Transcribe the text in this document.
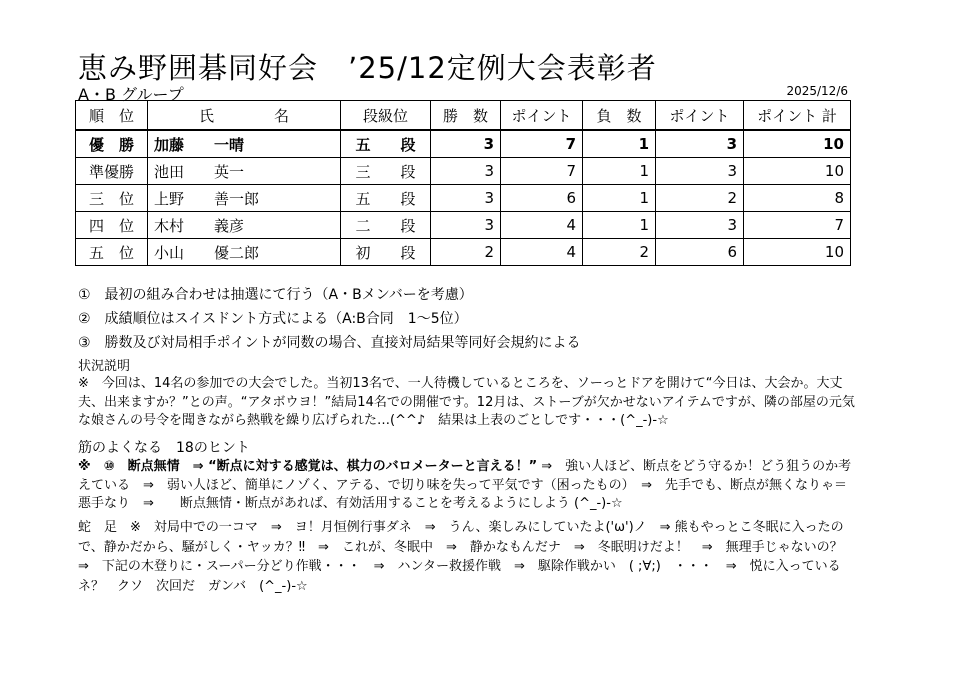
恵み野囲碁同好会　’25/12定例大会表彰者
A・B グループ	2025/12/6
順　位	氏　　　　名	段級位	勝　数	ポイント	負　数	ポイント	ポイント 計
優　勝	加藤　　一晴	五　　段	3	7	1	3	10
準優勝	池田　　英一	三　　段	3	7	1	3	10
三　位	上野　　善一郎	五　　段	3	6	1	2	8
四　位	木村　　義彦	二　　段	3	4	1	3	7
五　位	小山　　優二郎	初　　段	2	4	2	6	10
①　最初の組み合わせは抽選にて行う（A・Bメンバーを考慮）
②　成績順位はスイスドント方式による（A:B合同　1～5位）
③　勝数及び対局相手ポイントが同数の場合、直接対局結果等同好会規約による
状況説明
※　今回は、14名の参加での大会でした。当初13名で、一人待機しているところを、ソーっとドアを開けて“今日は、大会か。大丈夫、出来ますか？”との声。“アタボウヨ！”結局14名での開催です。12月は、ストーブが欠かせないアイテムですが、隣の部屋の元気な娘さんの号令を聞きながら熱戦を繰り広げられた…(^^♪　結果は上表のごとしです・・・(^_-)-☆
筋のよくなる　18のヒント
※　⑩　断点無情　⇒ “断点に対する感覚は、棋力のバロメーターと言える！” ⇒　強い人ほど、断点をどう守るか！どう狙うのか考えている　⇒　弱い人ほど、簡単にノゾく、アテる、で切り味を失って平気です（困ったもの）　⇒　先手でも、断点が無くなりゃ＝悪手なり　⇒　　断点無情・断点があれば、有効活用することを考えるようにしよう (^_-)-☆
蛇　足　※　対局中での一コマ　⇒　ヨ！月恒例行事ダネ　⇒　うん、楽しみにしていたよ('ω')ノ　⇒ 熊もやっとこ冬眠に入ったので、静かだから、騒がしく・ヤッカ？‼　⇒　これが、冬眠中　⇒　静かなもんだナ　⇒　冬眠明けだよ！　⇒　無理手じゃないの？　⇒　下記の木登りに・スーパー分どり作戦・・・　⇒　ハンター救援作戦　⇒　駆除作戦かい　( ;∀;)　・・・　⇒　悦に入っているネ？　クソ　次回だ　ガンバ　(^_-)-☆
